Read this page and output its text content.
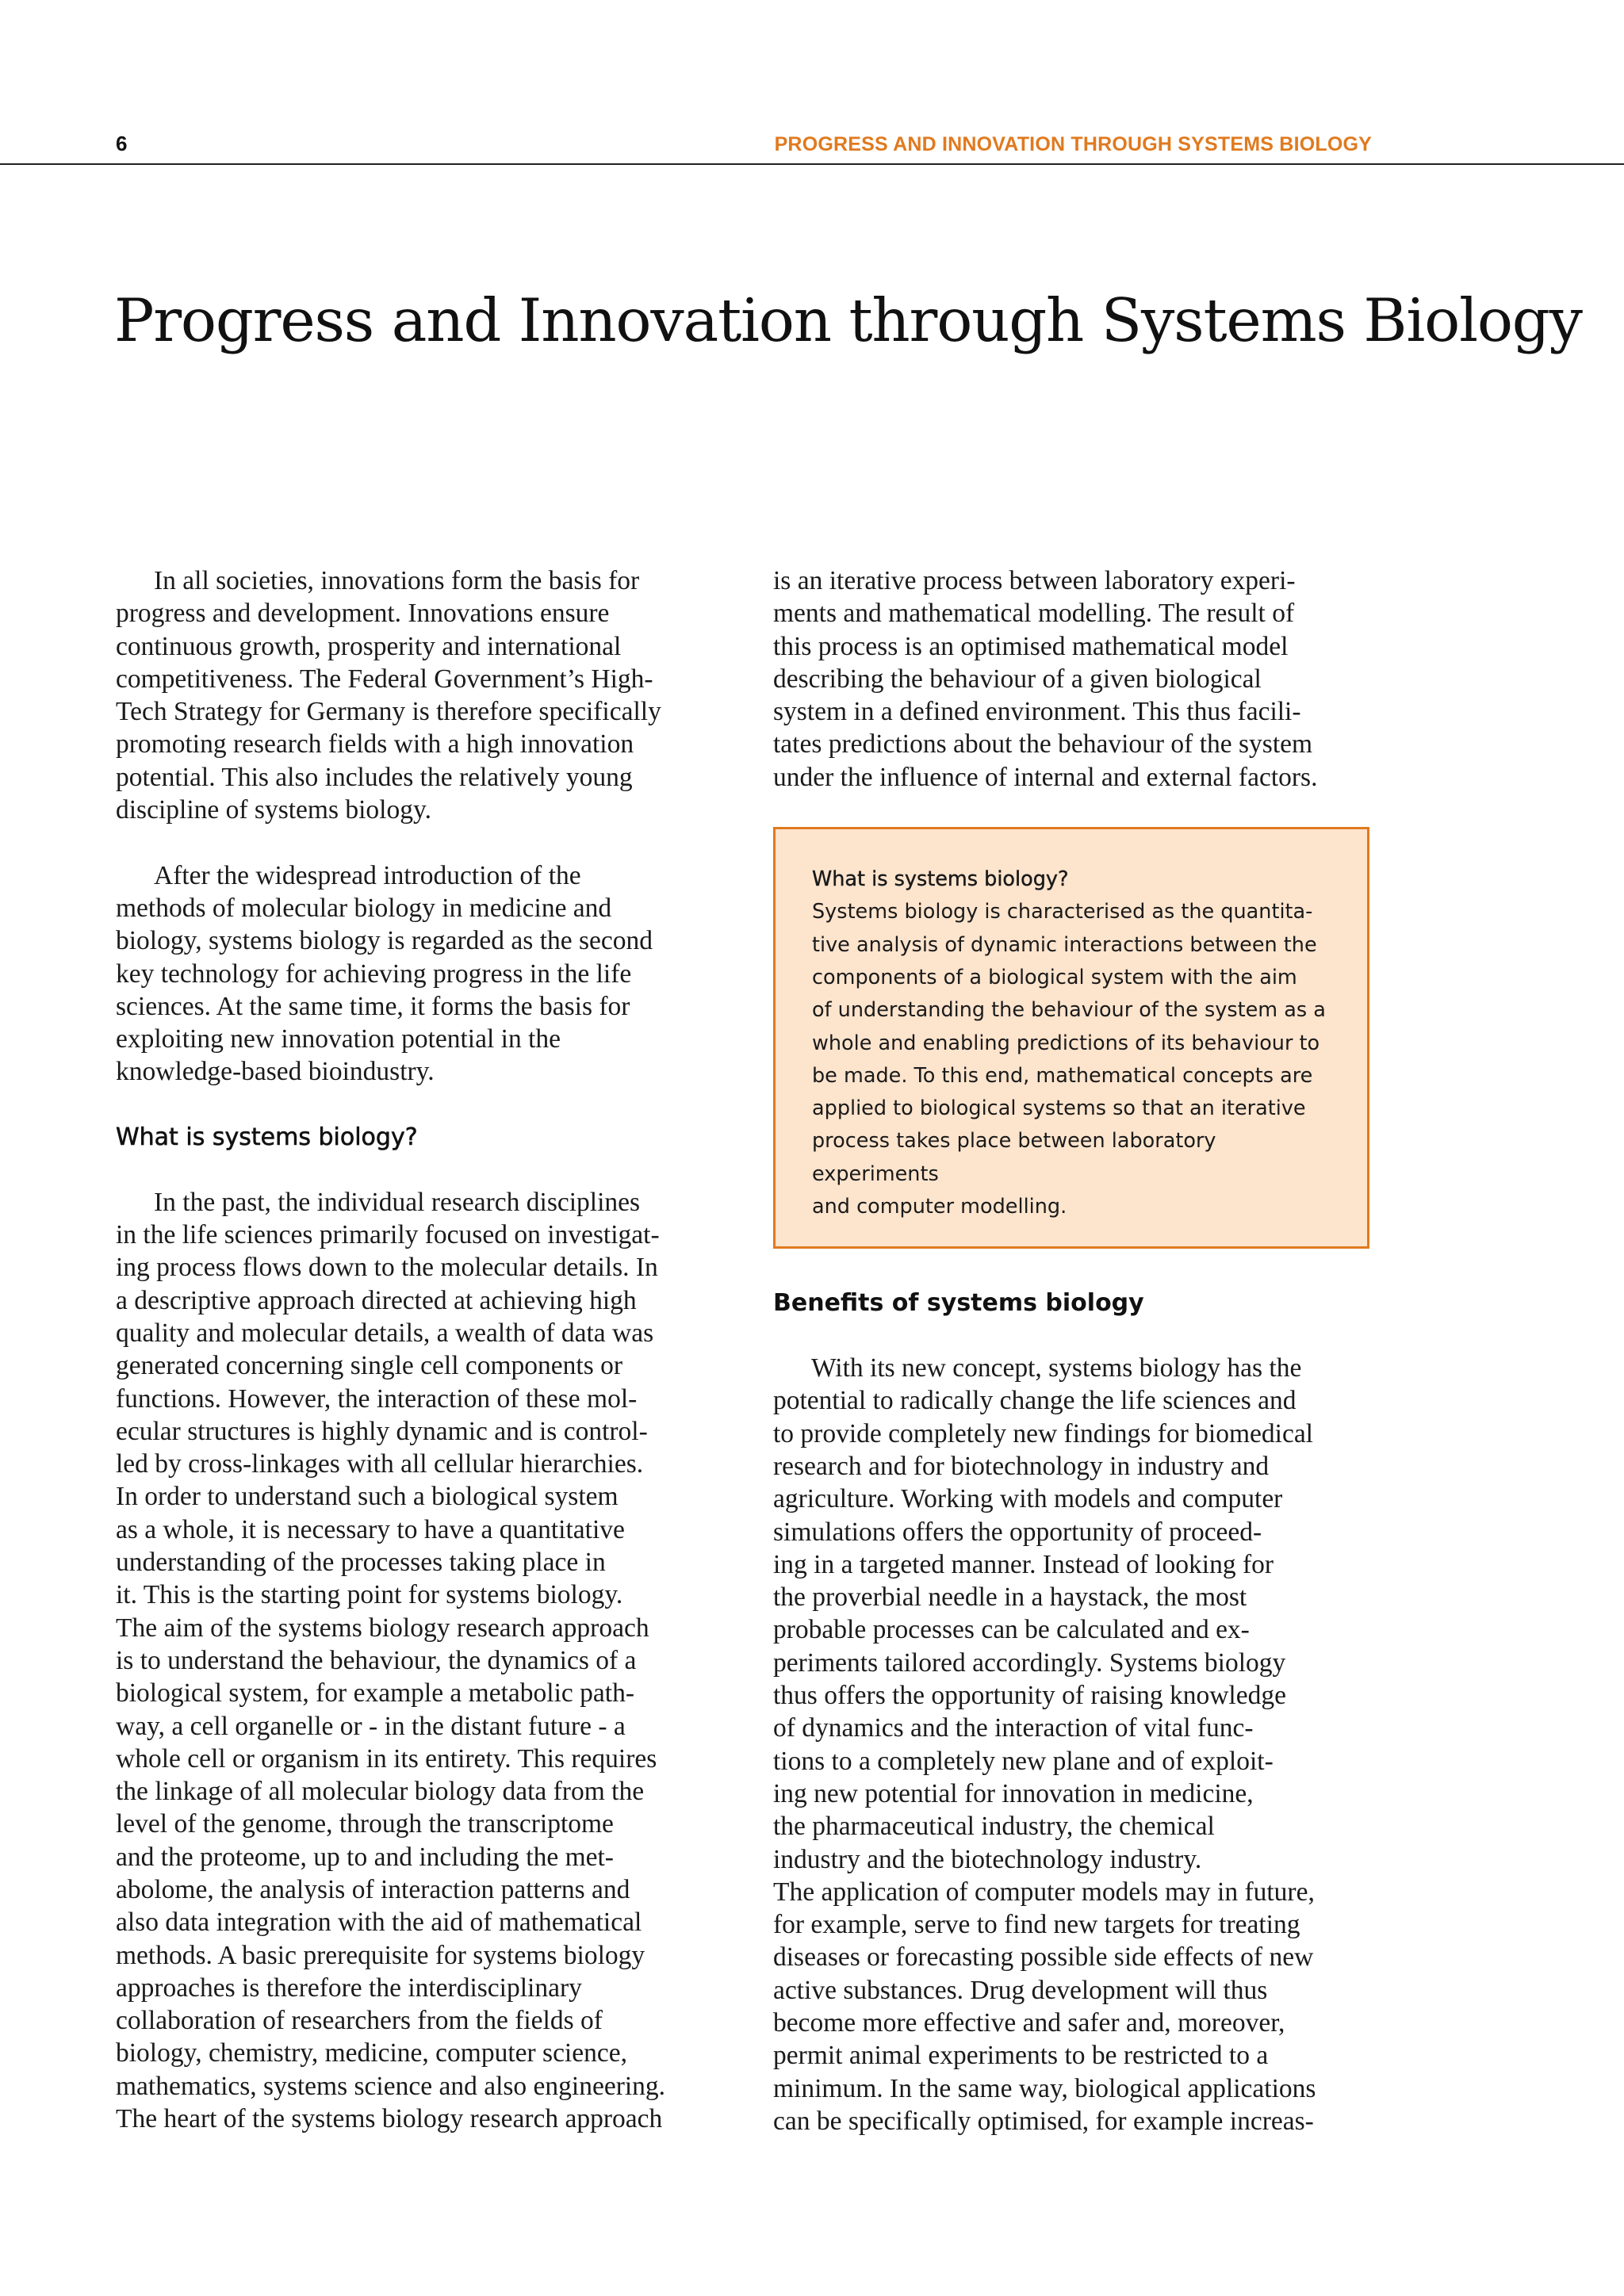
6	PROGRESS AND INNOVATION THROUGH SYSTEMS BIOLOGY
Progress and Innovation through Systems Biology

In all societies, innovations form the basis for
progress and development. Innovations ensure
continuous growth, prosperity and international
competitiveness. The Federal Government’s High-
Tech Strategy for Germany is therefore specifically
promoting research fields with a high innovation
potential. This also includes the relatively young
discipline of systems biology.

After the widespread introduction of the
methods of molecular biology in medicine and
biology, systems biology is regarded as the second
key technology for achieving progress in the life
sciences. At the same time, it forms the basis for
exploiting new innovation potential in the
knowledge-based bioindustry.

What is systems biology?

In the past, the individual research disciplines
in the life sciences primarily focused on investigat-
ing process flows down to the molecular details. In
a descriptive approach directed at achieving high
quality and molecular details, a wealth of data was
generated concerning single cell components or
functions. However, the interaction of these mol-
ecular structures is highly dynamic and is control-
led by cross-linkages with all cellular hierarchies.
In order to understand such a biological system
as a whole, it is necessary to have a quantitative
understanding of the processes taking place in
it. This is the starting point for systems biology.
The aim of the systems biology research approach
is to understand the behaviour, the dynamics of a
biological system, for example a metabolic path-
way, a cell organelle or - in the distant future - a
whole cell or organism in its entirety. This requires
the linkage of all molecular biology data from the
level of the genome, through the transcriptome
and the proteome, up to and including the met-
abolome, the analysis of interaction patterns and
also data integration with the aid of mathematical
methods. A basic prerequisite for systems biology
approaches is therefore the interdisciplinary
collaboration of researchers from the fields of
biology, chemistry, medicine, computer science,
mathematics, systems science and also engineering.
The heart of the systems biology research approach

is an iterative process between laboratory experi-
ments and mathematical modelling. The result of
this process is an optimised mathematical model
describing the behaviour of a given biological
system in a defined environment. This thus facili-
tates predictions about the behaviour of the system
under the influence of internal and external factors.

What is systems biology?

Systems biology is characterised as the quantita-
tive analysis of dynamic interactions between the
components of a biological system with the aim
of understanding the behaviour of the system as a
whole and enabling predictions of its behaviour to
be made. To this end, mathematical concepts are
applied to biological systems so that an iterative
process takes place between laboratory experiments
and computer modelling.

Benefits of systems biology

With its new concept, systems biology has the
potential to radically change the life sciences and
to provide completely new findings for biomedical
research and for biotechnology in industry and
agriculture. Working with models and computer
simulations offers the opportunity of proceed-
ing in a targeted manner. Instead of looking for
the proverbial needle in a haystack, the most
probable processes can be calculated and ex-
periments tailored accordingly. Systems biology
thus offers the opportunity of raising knowledge
of dynamics and the interaction of vital func-
tions to a completely new plane and of exploit-
ing new potential for innovation in medicine,
the pharmaceutical industry, the chemical
industry and the biotechnology industry.
The application of computer models may in future,
for example, serve to find new targets for treating
diseases or forecasting possible side effects of new
active substances. Drug development will thus
become more effective and safer and, moreover,
permit animal experiments to be restricted to a
minimum. In the same way, biological applications
can be specifically optimised, for example increas-
